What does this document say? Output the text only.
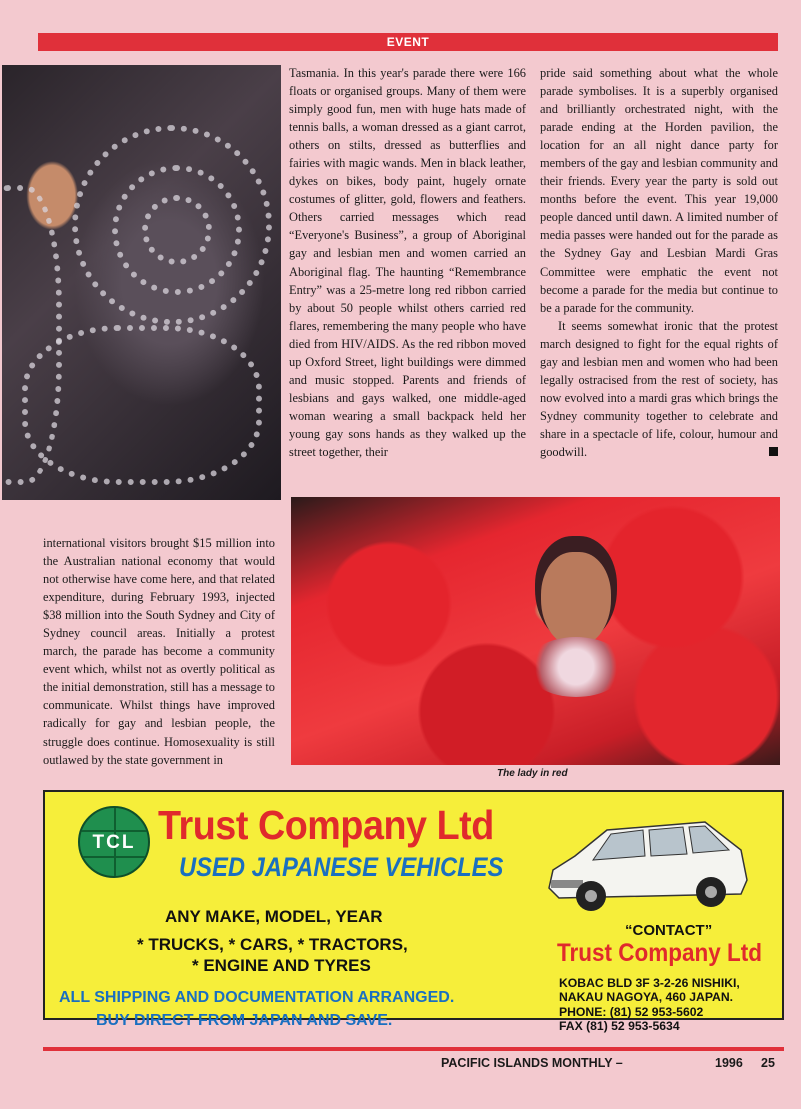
EVENT

Tasmania. In this year's parade there were 166 floats or organised groups. Many of them were simply good fun, men with huge hats made of tennis balls, a woman dressed as a giant carrot, others on stilts, dressed as butterflies and fairies with magic wands. Men in black leather, dykes on bikes, body paint, hugely ornate costumes of glitter, gold, flowers and feathers. Others carried messages which read “Everyone's Business”, a group of Aboriginal gay and lesbian men and women carried an Aboriginal flag. The haunting “Remembrance Entry” was a 25-metre long red ribbon carried by about 50 people whilst others carried red flares, remembering the many people who have died from HIV/AIDS. As the red ribbon moved up Oxford Street, light buildings were dimmed and music stopped. Parents and friends of lesbians and gays walked, one middle-aged woman wearing a small backpack held her young gay sons hands as they walked up the street together, their

pride said something about what the whole parade symbolises. It is a superbly organised and brilliantly orchestrated night, with the parade ending at the Horden pavilion, the location for an all night dance party for members of the gay and lesbian community and their friends. Every year the party is sold out months before the event. This year 19,000 people danced until dawn. A limited number of media passes were handed out for the parade as the Sydney Gay and Lesbian Mardi Gras Committee were emphatic the event not become a parade for the media but continue to be a parade for the community.

It seems somewhat ironic that the protest march designed to fight for the equal rights of gay and lesbian men and women who had been legally ostracised from the rest of society, has now evolved into a mardi gras which brings the Sydney community together to celebrate and share in a spectacle of life, colour, humour and goodwill.

international visitors brought $15 million into the Australian national economy that would not otherwise have come here, and that related expenditure, during February 1993, injected $38 million into the South Sydney and City of Sydney council areas. Initially a protest march, the parade has become a community event which, whilst not as overtly political as the initial demonstration, still has a message to communicate. Whilst things have improved radically for gay and lesbian people, the struggle does continue. Homosexuality is still outlawed by the state government in

The lady in red
TCL Trust Company Ltd
USED JAPANESE VEHICLES
ANY MAKE, MODEL, YEAR
* TRUCKS, * CARS, * TRACTORS,
* ENGINE AND TYRES
ALL SHIPPING AND DOCUMENTATION ARRANGED.
BUY DIRECT FROM JAPAN AND SAVE.
“CONTACT”
Trust Company Ltd
KOBAC BLD 3F 3-2-26 NISHIKI,
NAKAU NAGOYA, 460 JAPAN.
PHONE: (81) 52 953-5602
FAX (81) 52 953-5634
PACIFIC ISLANDS MONTHLY –	1996 25
